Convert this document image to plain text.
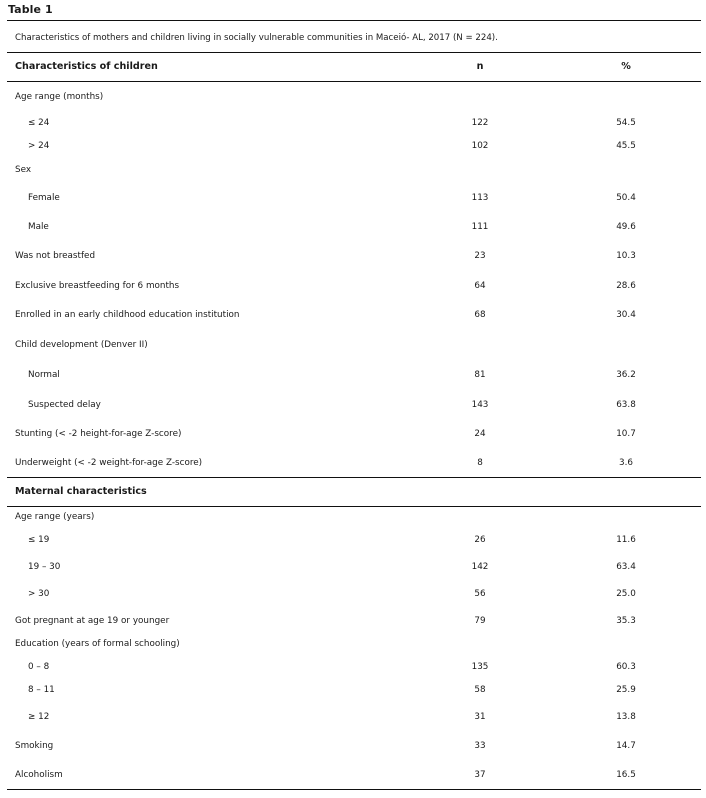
Table 1
Characteristics of mothers and children living in socially vulnerable communities in Maceió- AL, 2017 (N = 224).
Characteristics of children	n	%
Age range (months)
≤ 24	122	54.5
> 24	102	45.5
Sex
Female	113	50.4
Male	111	49.6
Was not breastfed	23	10.3
Exclusive breastfeeding for 6 months	64	28.6
Enrolled in an early childhood education institution	68	30.4
Child development (Denver II)
Normal	81	36.2
Suspected delay	143	63.8
Stunting (< -2 height-for-age Z-score)	24	10.7
Underweight (< -2 weight-for-age Z-score)	8	3.6
Maternal characteristics
Age range (years)
≤ 19	26	11.6
19 – 30	142	63.4
> 30	56	25.0
Got pregnant at age 19 or younger	79	35.3
Education (years of formal schooling)
0 – 8	135	60.3
8 – 11	58	25.9
≥ 12	31	13.8
Smoking	33	14.7
Alcoholism	37	16.5
